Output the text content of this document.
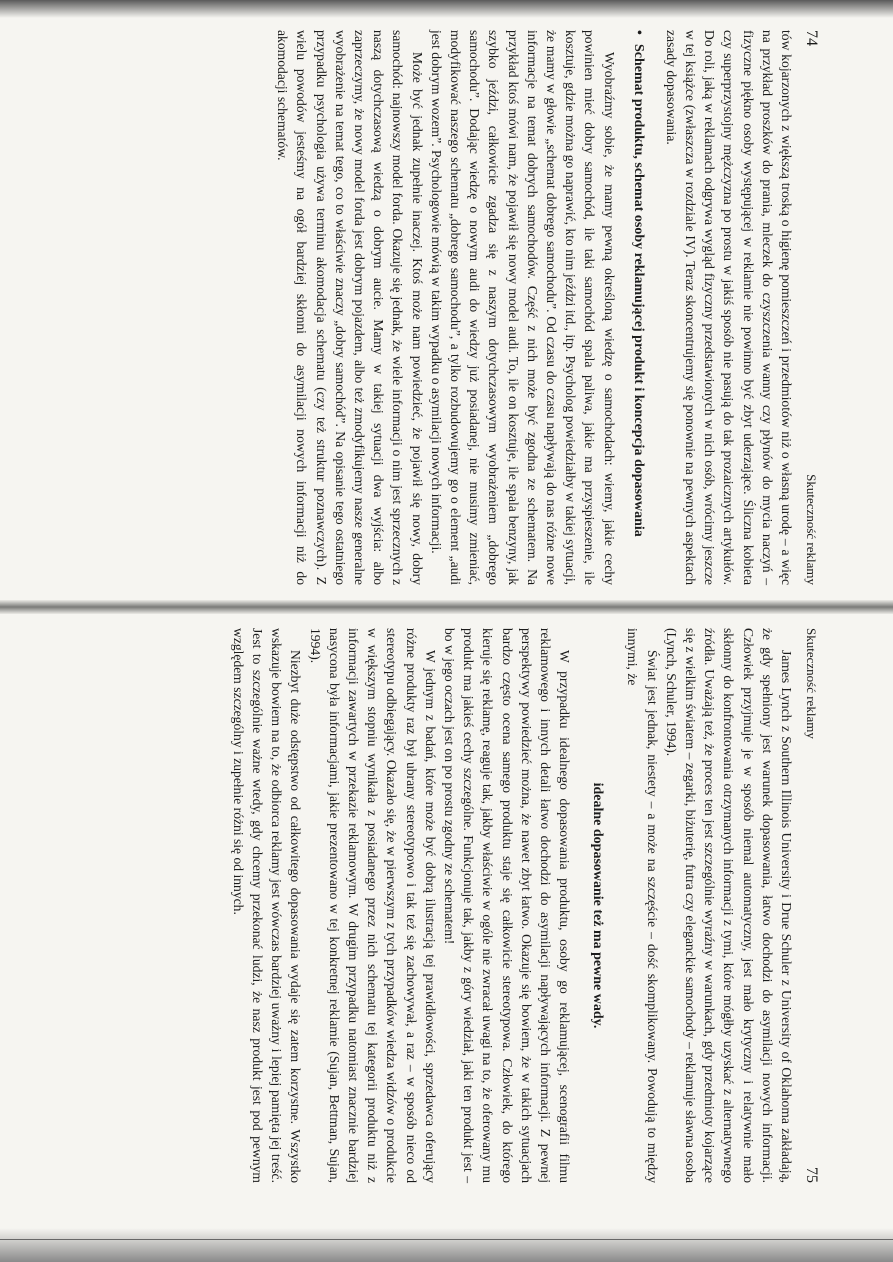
74
Skuteczność reklamy

tów kojarzonych z większą troską o higienę pomieszczeń i przedmiotów niż o własną urodę – a więc na przykład proszków do prania, mleczek do czyszczenia wanny czy płynów do mycia naczyń – fizyczne piękno osoby występującej w reklamie nie powinno być zbyt uderzające. Śliczna kobieta czy superprzystojny mężczyzna po prostu w jakiś sposób nie pasują do tak prozaicznych artykułów. Do roli, jaką w reklamach odgrywa wygląd fizyczny przedstawionych w nich osób, wrócimy jeszcze w tej książce (zwłaszcza w rozdziale IV). Teraz skoncentrujemy się ponownie na pewnych aspektach zasady dopasowania.

•Schemat produktu, schemat osoby reklamującej produkt i koncepcja dopasowania

Wyobraźmy sobie, że mamy pewną określoną wiedzę o samochodach: wiemy, jakie cechy powinien mieć dobry samochód, ile taki samochód spala paliwa, jakie ma przyspieszenie, ile kosztuje, gdzie można go naprawić, kto nim jeździ itd., itp. Psycholog powiedziałby w takiej sytuacji, że mamy w głowie „schemat dobrego samochodu”. Od czasu do czasu napływają do nas różne nowe informacje na temat dobrych samochodów. Część z nich może być zgodna ze schematem. Na przykład ktoś mówi nam, że pojawił się nowy model audi. To, ile on kosztuje, ile spala benzyny, jak szybko jeździ, całkowicie zgadza się z naszym dotychczasowym wyobrażeniem „dobrego samochodu”. Dodając wiedzę o nowym audi do wiedzy już posiadanej, nie musimy zmieniać, modyfikować naszego schematu „dobrego samochodu”, a tylko rozbudowujemy go o element „audi jest dobrym wozem”. Psychologowie mówią w takim wypadku o asymilacji nowych informacji.

Może być jednak zupełnie inaczej. Ktoś może nam powiedzieć, że pojawił się nowy, dobry samochód: najnowszy model forda. Okazuje się jednak, że wiele informacji o nim jest sprzecznych z naszą dotychczasową wiedzą o dobrym aucie. Mamy w takiej sytuacji dwa wyjścia: albo zaprzeczymy, że nowy model forda jest dobrym pojazdem, albo też zmodyfikujemy nasze generalne wyobrażenie na temat tego, co to właściwie znaczy „dobry samochód”. Na opisanie tego ostatniego przypadku psychologia używa terminu akomodacja schematu (czy też struktur poznawczych). Z wielu powodów jesteśmy na ogół bardziej skłonni do asymilacji nowych informacji niż do akomodacji schematów.

Skuteczność reklamy
75

James Lynch z Southern Illinois University i Drue Schuler z University of Oklahoma zakładają, że gdy spełniony jest warunek dopasowania, łatwo dochodzi do asymilacji nowych informacji. Człowiek przyjmuje je w sposób niemal automatyczny, jest mało krytyczny i relatywnie mało skłonny do konfrontowania otrzymanych informacji z tymi, które mógłby uzyskać z alternatywnego źródła. Uważają też, że proces ten jest szczególnie wyraźny w warunkach, gdy przedmioty kojarzące się z wielkim światem – zegarki, biżuterię, futra czy eleganckie samochody – reklamuje sławna osoba (Lynch, Schuler, 1994).

Świat jest jednak, niestety – a może na szczęście – dość skomplikowany. Powodują to między innymi, że

idealne dopasowanie też ma pewne wady.

W przypadku idealnego dopasowania produktu, osoby go reklamującej, scenografii filmu reklamowego i innych detali łatwo dochodzi do asymilacji napływających informacji. Z pewnej perspektywy powiedzieć można, że nawet zbyt łatwo. Okazuje się bowiem, że w takich sytuacjach bardzo często ocena samego produktu staje się całkowicie stereotypowa. Człowiek, do którego kieruje się reklamę, reaguje tak, jakby właściwie w ogóle nie zwracał uwagi na to, że oferowany mu produkt ma jakieś cechy szczególne. Funkcjonuje tak, jakby z góry wiedział, jaki ten produkt jest – bo w jego oczach jest on po prostu zgodny ze schematem!

W jednym z badań, które może być dobrą ilustracją tej prawidłowości, sprzedawca oferujący różne produkty raz był ubrany stereotypowo i tak też się zachowywał, a raz – w sposób nieco od stereotypu odbiegający. Okazało się, że w pierwszym z tych przypadków wiedza widzów o produkcie w większym stopniu wynikała z posiadanego przez nich schematu tej kategorii produktu niż z informacji zawartych w przekazie reklamowym. W drugim przypadku natomiast znacznie bardziej nasycona była informacjami, jakie prezentowano w tej konkretnej reklamie (Sujan, Bettman, Sujan, 1994).

Niezbyt duże odstępstwo od całkowitego dopasowania wydaje się zatem korzystne. Wszystko wskazuje bowiem na to, że odbiorca reklamy jest wówczas bardziej uważny i lepiej pamięta jej treść. Jest to szczególnie ważne wtedy, gdy chcemy przekonać ludzi, że nasz produkt jest pod pewnym względem szczególny i zupełnie różni się od innych.
